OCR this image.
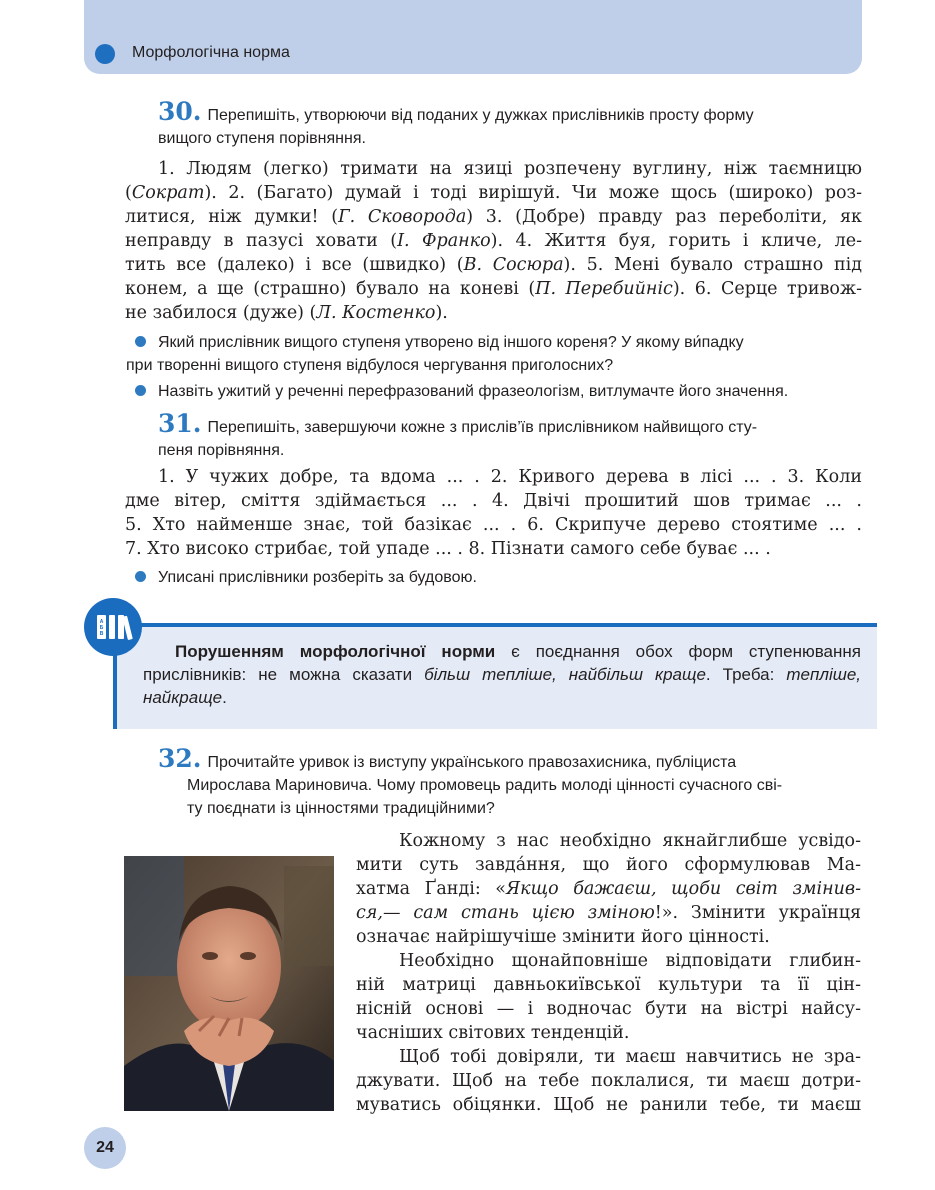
Морфологічна норма
30. Перепишіть, утворюючи від поданих у дужках прислівників просту форму
вищого ступеня порівняння.
1. Людям (легко) тримати на язиці розпечену вуглину, ніж таємницю
(Сократ). 2. (Багато) думай і тоді вирішуй. Чи може щось (широко) роз-
литися, ніж думки! (Г. Сковорода) 3. (Добре) правду раз переболіти, як
неправду в пазусі ховати (І. Франко). 4. Життя буя, горить і кличе, ле-
тить все (далеко) і все (швидко) (В. Сосюра). 5. Мені бувало страшно під
конем, а ще (страшно) бувало на коневі (П. Перебийніс). 6. Серце тривож-
не забилося (дуже) (Л. Костенко).
Який прислівник вищого ступеня утворено від іншого кореня? У якому ви́падку
при творенні вищого ступеня відбулося чергування приголосних?
Назвіть ужитий у реченні перефразований фразеологізм, витлумачте його значення.
31. Перепишіть, завершуючи кожне з прислів’їв прислівником найвищого сту-
пеня порівняння.
1. У чужих добре, та вдома ... . 2. Кривого дерева в лісі ... . 3. Коли
дме вітер, сміття здіймається ... . 4. Двічі прошитий шов тримає ... .
5. Хто найменше знає, той базікає ... . 6. Скрипуче дерево стоятиме ... .
7. Хто високо стрибає, той упаде ... . 8. Пізнати самого себе буває ... .
Уписані прислівники розберіть за будовою.
А
Б
В
Порушенням морфологічної норми є поєднання обох форм ступенювання
прислівників: не можна сказати більш тепліше, найбільш краще. Треба: тепліше,
найкраще.
32. Прочитайте уривок із виступу українського правозахисника, публіциста
Мирослава Мариновича. Чому промовець радить молоді цінності сучасного сві-
ту поєднати із цінностями традиційними?
Кожному з нас необхідно якнайглибше усвідо-
мити суть завда́ння, що його сформулював Ма-
хатма Ґанді: «Якщо бажаєш, щоби світ змінив-
ся,— сам стань цією зміною!». Змінити українця
означає найрішучіше змінити його цінності.
Необхідно щонайповніше відповідати глибин-
ній матриці давньокиївської культури та її цін-
нісній основі — і водночас бути на вістрі найсу-
часніших світових тенденцій.
Щоб тобі довіряли, ти маєш навчитись не зра-
джувати. Щоб на тебе поклалися, ти маєш дотри-
муватись обіцянки. Щоб не ранили тебе, ти маєш
24
